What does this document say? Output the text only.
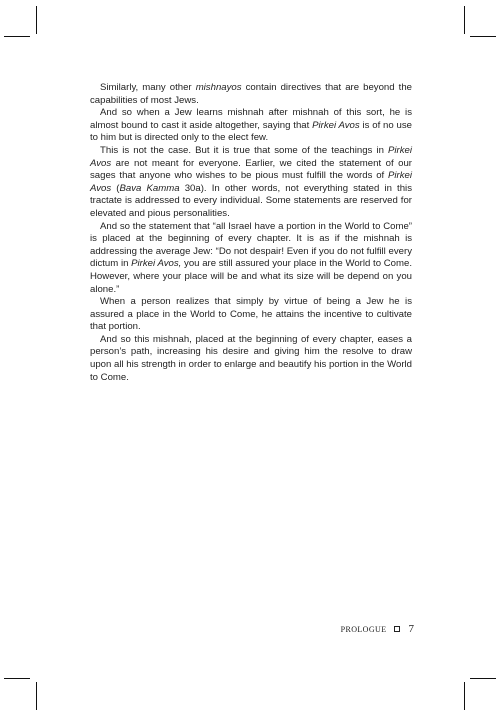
Similarly, many other mishnayos contain directives that are beyond the capabilities of most Jews.

And so when a Jew learns mishnah after mishnah of this sort, he is almost bound to cast it aside altogether, saying that Pirkei Avos is of no use to him but is directed only to the elect few.

This is not the case. But it is true that some of the teachings in Pirkei Avos are not meant for everyone. Earlier, we cited the statement of our sages that anyone who wishes to be pious must fulfill the words of Pirkei Avos (Bava Kamma 30a). In other words, not everything stated in this tractate is addressed to every individual. Some statements are reserved for elevated and pious personalities.

And so the statement that “all Israel have a portion in the World to Come” is placed at the beginning of every chapter. It is as if the mishnah is addressing the average Jew: “Do not despair! Even if you do not fulfill every dictum in Pirkei Avos, you are still assured your place in the World to Come. However, where your place will be and what its size will be depend on you alone.”

When a person realizes that simply by virtue of being a Jew he is assured a place in the World to Come, he attains the incentive to cultivate that portion.

And so this mishnah, placed at the beginning of every chapter, eases a person’s path, increasing his desire and giving him the resolve to draw upon all his strength in order to enlarge and beautify his portion in the World to Come.

PROLOGUE 7
